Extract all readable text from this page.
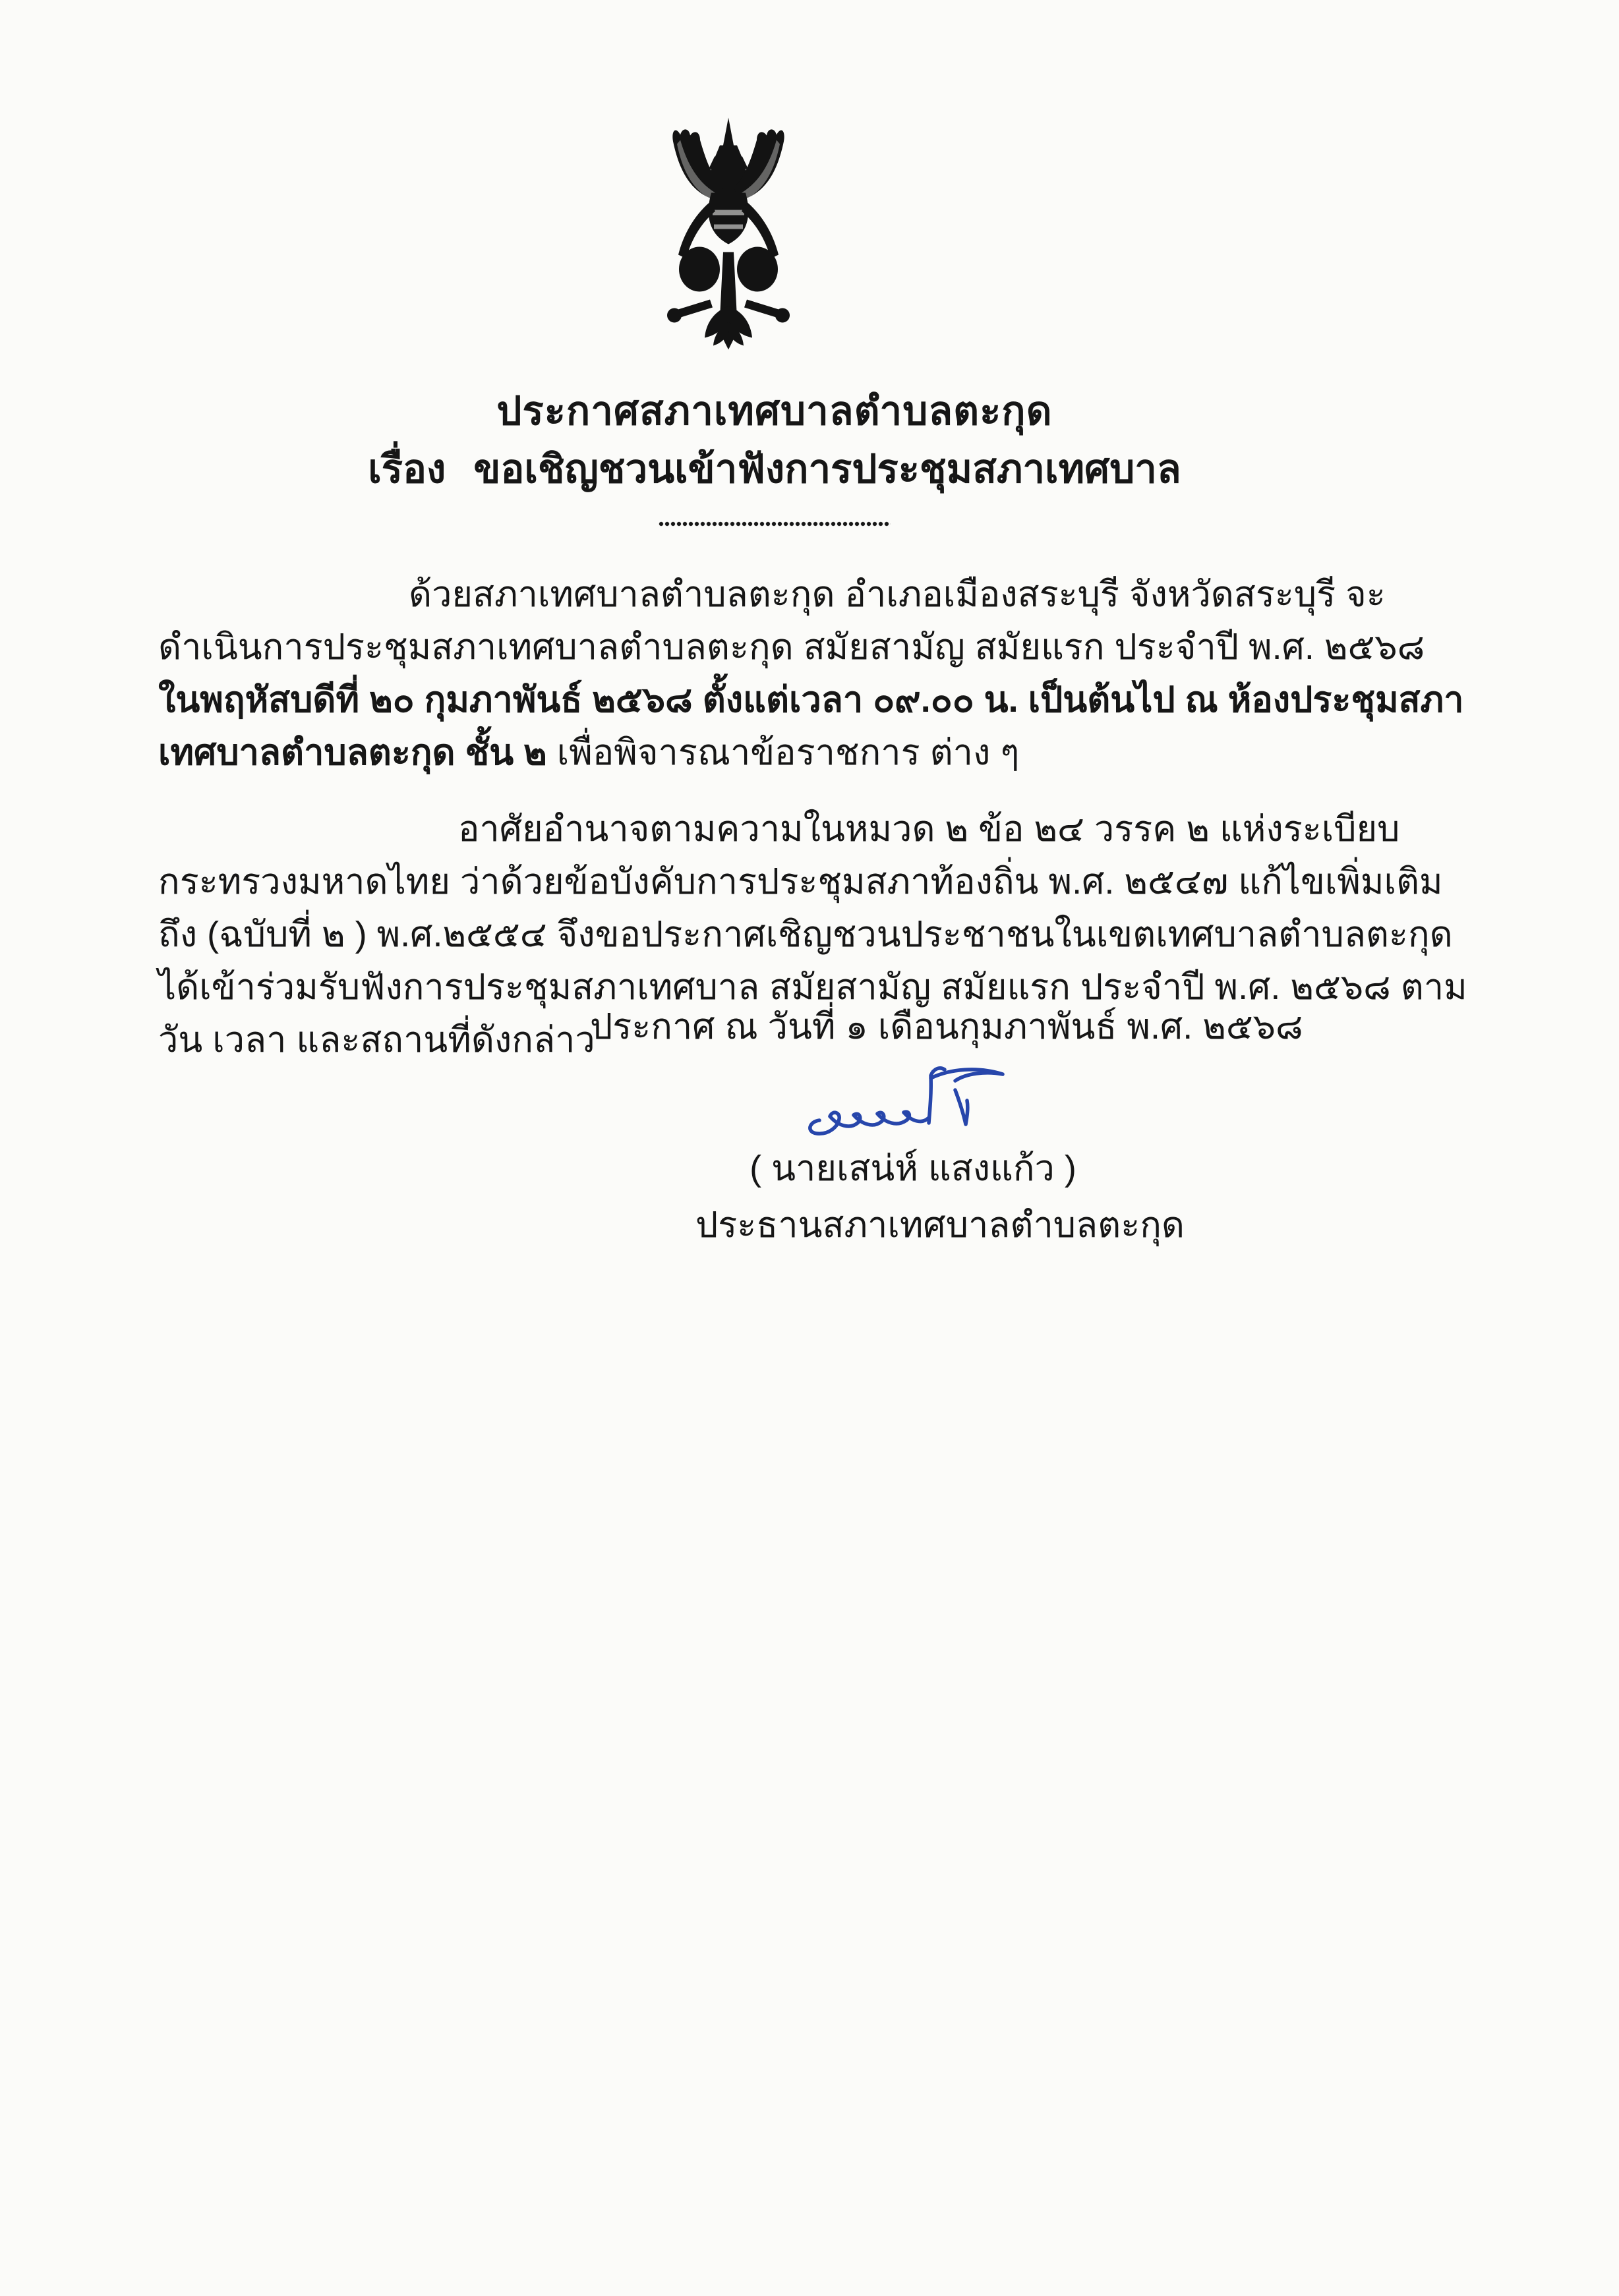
ประกาศสภาเทศบาลตำบลตะกุด
เรื่อง ขอเชิญชวนเข้าฟังการประชุมสภาเทศบาล
ด้วยสภาเทศบาลตำบลตะกุด อำเภอเมืองสระบุรี จังหวัดสระบุรี จะดำเนินการประชุมสภาเทศบาลตำบลตะกุด สมัยสามัญ สมัยแรก ประจำปี พ.ศ. ๒๕๖๘ ในพฤหัสบดีที่ ๒๐ กุมภาพันธ์ ๒๕๖๘ ตั้งแต่เวลา ๐๙.๐๐ น. เป็นต้นไป ณ ห้องประชุมสภาเทศบาลตำบลตะกุด ชั้น ๒ เพื่อพิจารณาข้อราชการ ต่าง ๆ
อาศัยอำนาจตามความในหมวด ๒ ข้อ ๒๔ วรรค ๒ แห่งระเบียบกระทรวงมหาดไทย ว่าด้วยข้อบังคับการประชุมสภาท้องถิ่น พ.ศ. ๒๕๔๗ แก้ไขเพิ่มเติมถึง (ฉบับที่ ๒ ) พ.ศ.๒๕๕๔ จึงขอประกาศเชิญชวนประชาชนในเขตเทศบาลตำบลตะกุด ได้เข้าร่วมรับฟังการประชุมสภาเทศบาล สมัยสามัญ สมัยแรก ประจำปี พ.ศ. ๒๕๖๘ ตามวัน เวลา และสถานที่ดังกล่าว
ประกาศ ณ วันที่ ๑ เดือนกุมภาพันธ์ พ.ศ. ๒๕๖๘
( นายเสน่ห์ แสงแก้ว )
ประธานสภาเทศบาลตำบลตะกุด
